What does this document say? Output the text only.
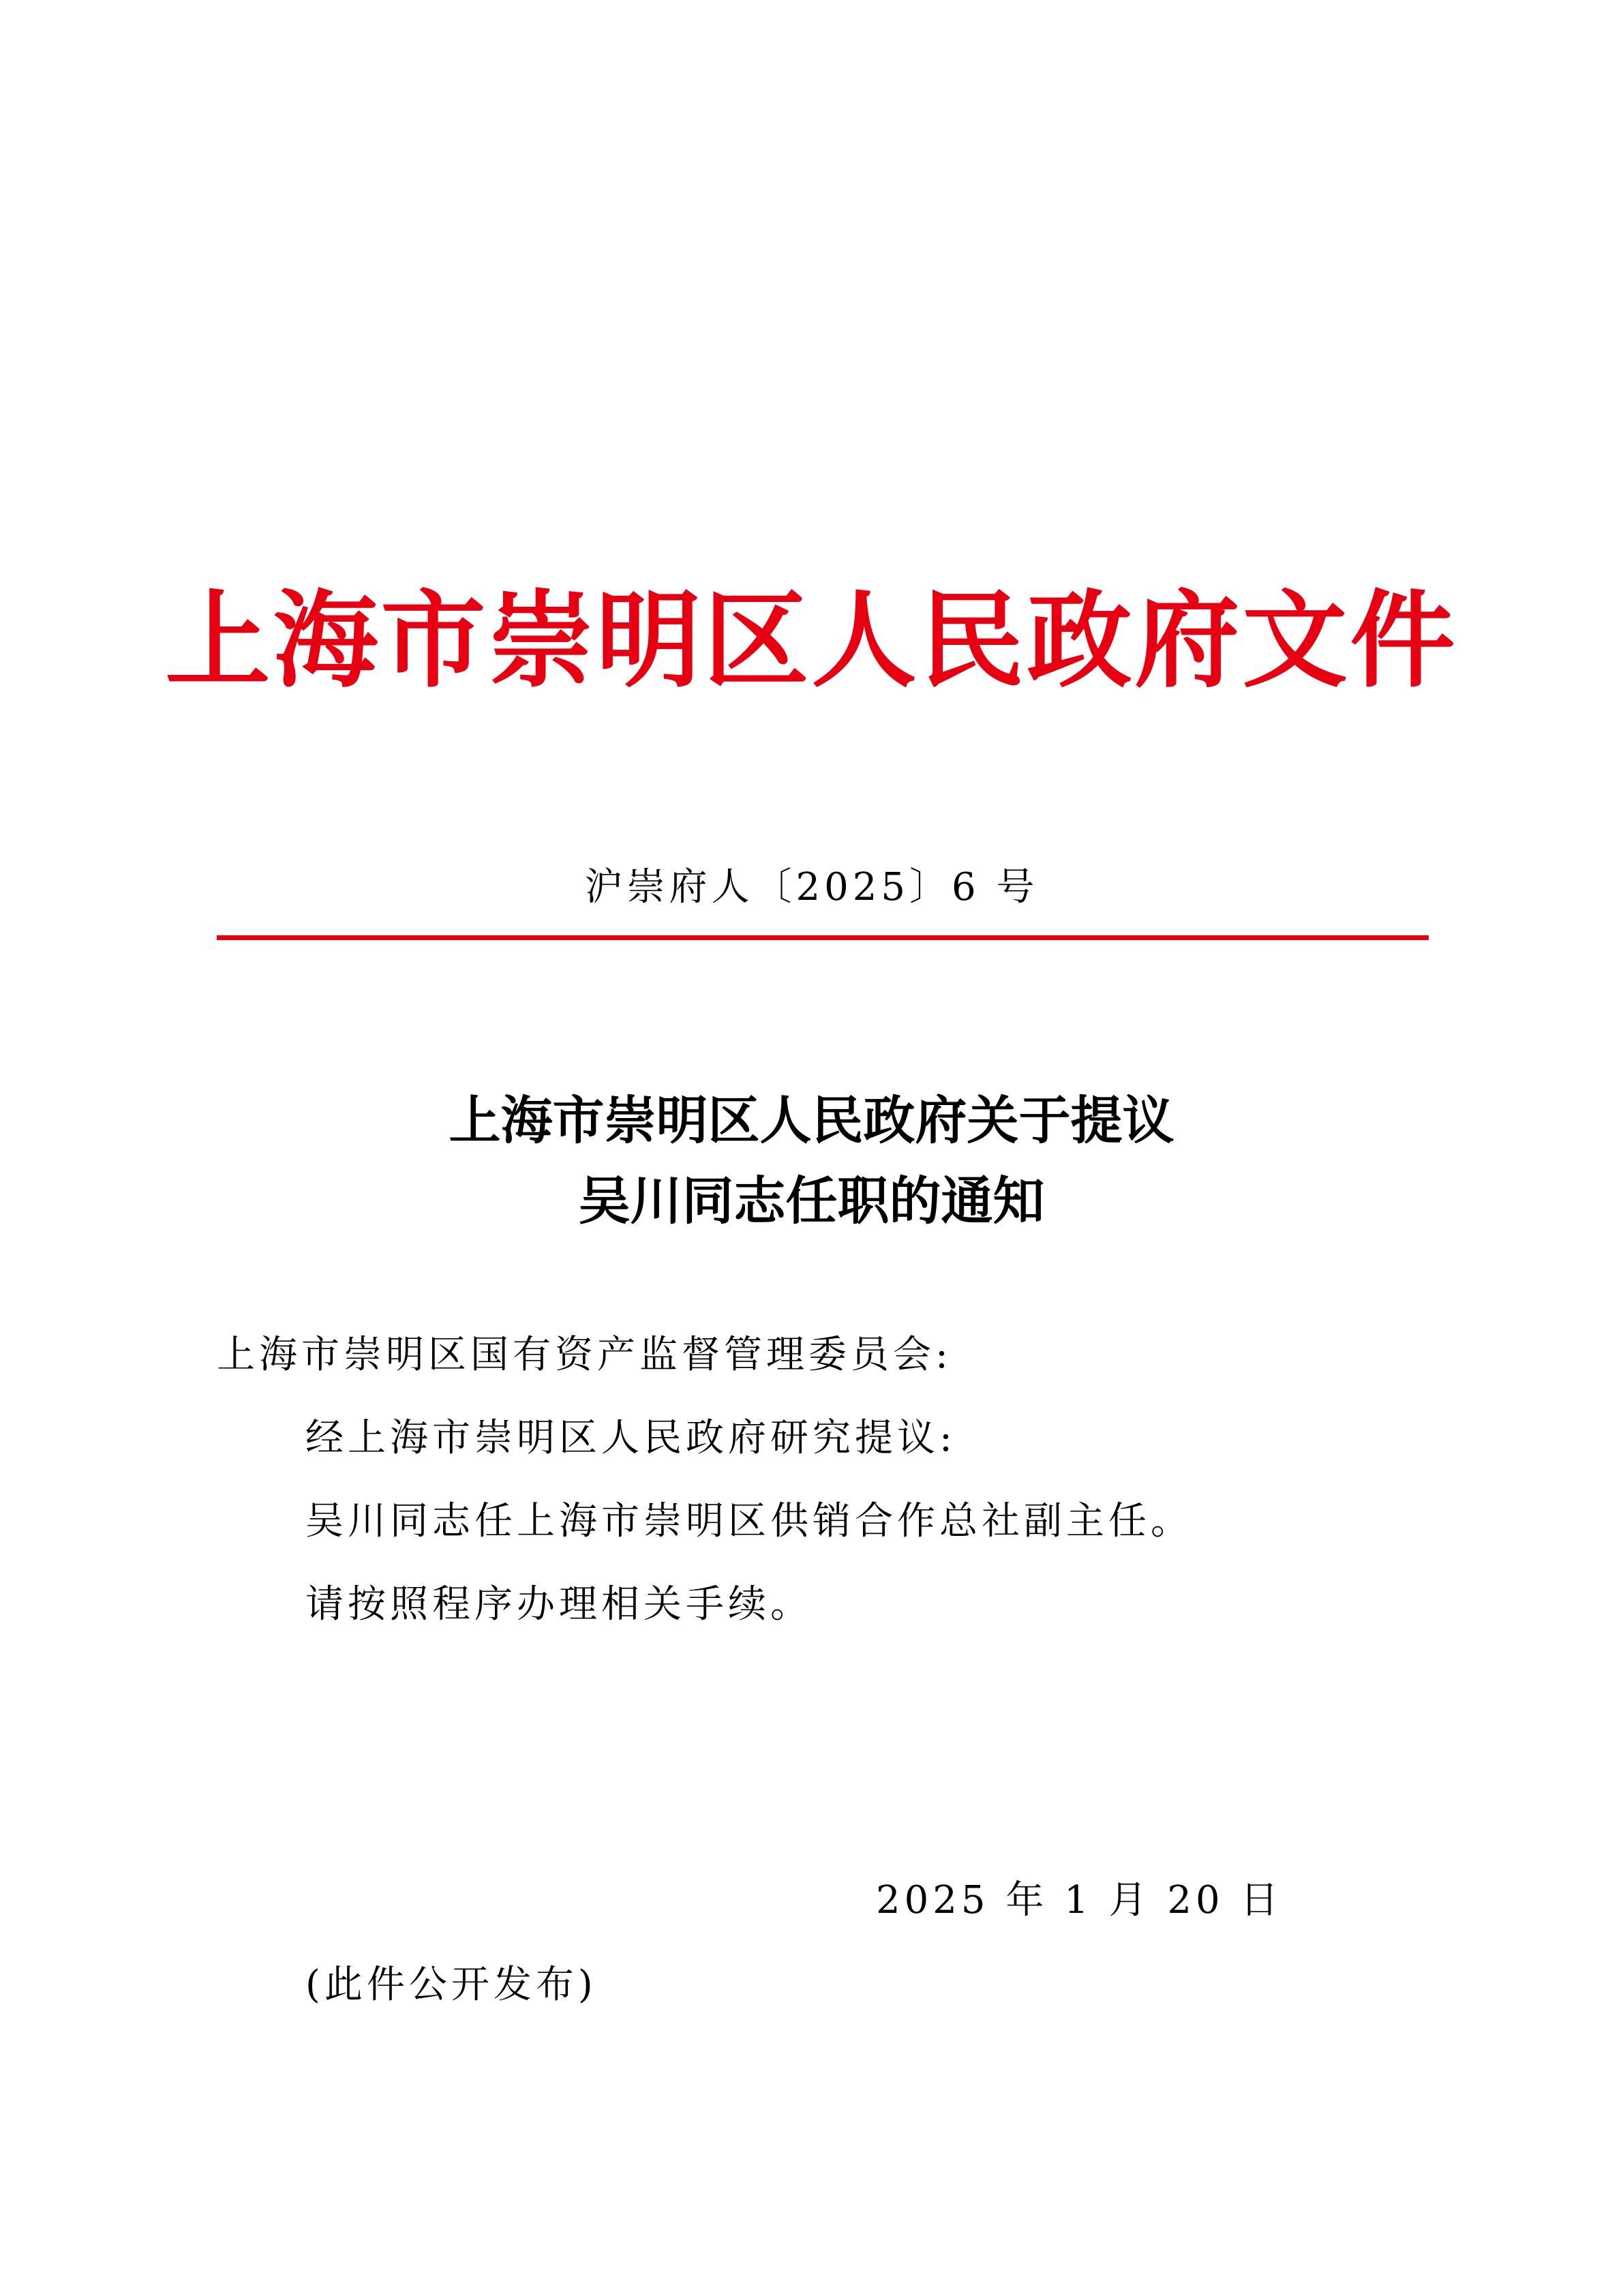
上海市崇明区人民政府文件
沪崇府人〔2025〕6 号
上海市崇明区人民政府关于提议
吴川同志任职的通知
上海市崇明区国有资产监督管理委员会:
经上海市崇明区人民政府研究提议:
吴川同志任上海市崇明区供销合作总社副主任。
请按照程序办理相关手续。
2025 年 1 月 20 日
(此件公开发布)
